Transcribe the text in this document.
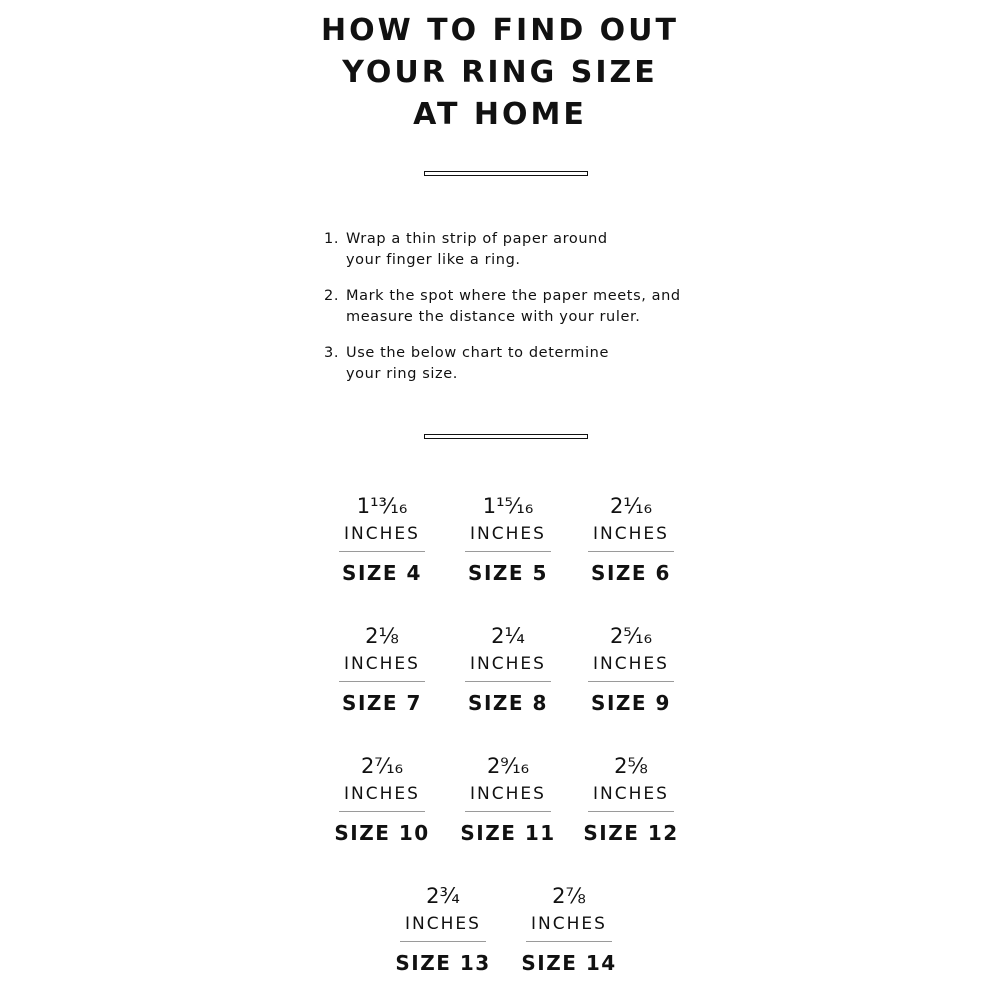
HOW TO FIND OUT
YOUR RING SIZE
AT HOME
1. Wrap a thin strip of paper around
your finger like a ring.
2. Mark the spot where the paper meets, and
measure the distance with your ruler.
3. Use the below chart to determine
your ring size.
1¹³⁄₁₆
INCHES
SIZE 4
1¹⁵⁄₁₆
INCHES
SIZE 5
2¹⁄₁₆
INCHES
SIZE 6
2⅛
INCHES
SIZE 7
2¼
INCHES
SIZE 8
2⁵⁄₁₆
INCHES
SIZE 9
2⁷⁄₁₆
INCHES
SIZE 10
2⁹⁄₁₆
INCHES
SIZE 11
2⅝
INCHES
SIZE 12
2¾
INCHES
SIZE 13
2⅞
INCHES
SIZE 14
